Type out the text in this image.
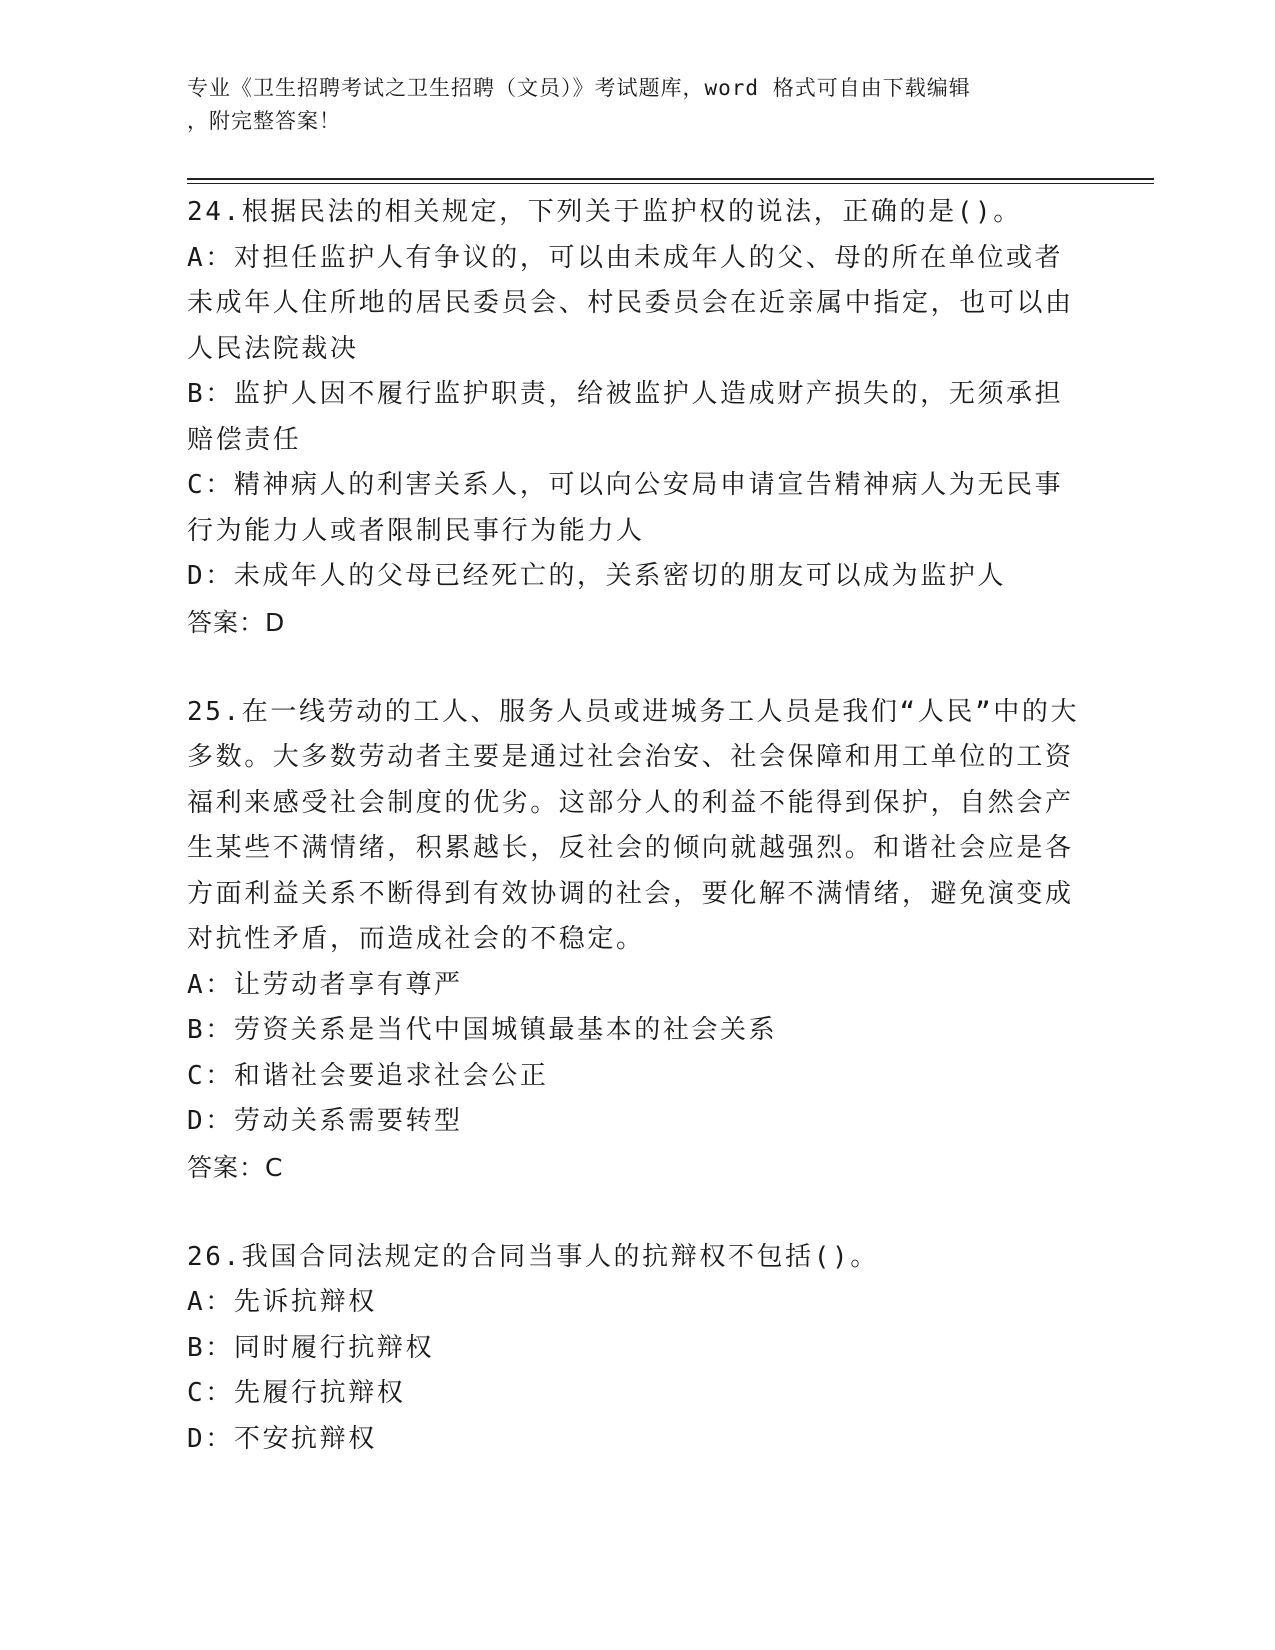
专业《卫生招聘考试之卫生招聘（文员）》考试题库，word 格式可自由下载编辑
，附完整答案！

24.根据民法的相关规定，下列关于监护权的说法，正确的是()。

A：对担任监护人有争议的，可以由未成年人的父、母的所在单位或者未成年人住所地的居民委员会、村民委员会在近亲属中指定，也可以由人民法院裁决

B：监护人因不履行监护职责，给被监护人造成财产损失的，无须承担赔偿责任

C：精神病人的利害关系人，可以向公安局申请宣告精神病人为无民事行为能力人或者限制民事行为能力人

D：未成年人的父母已经死亡的，关系密切的朋友可以成为监护人

答案：D

25.在一线劳动的工人、服务人员或进城务工人员是我们“人民”中的大多数。大多数劳动者主要是通过社会治安、社会保障和用工单位的工资福利来感受社会制度的优劣。这部分人的利益不能得到保护，自然会产生某些不满情绪，积累越长，反社会的倾向就越强烈。和谐社会应是各方面利益关系不断得到有效协调的社会，要化解不满情绪，避免演变成对抗性矛盾，而造成社会的不稳定。

A：让劳动者享有尊严

B：劳资关系是当代中国城镇最基本的社会关系

C：和谐社会要追求社会公正

D：劳动关系需要转型

答案：C

26.我国合同法规定的合同当事人的抗辩权不包括()。

A：先诉抗辩权

B：同时履行抗辩权

C：先履行抗辩权

D：不安抗辩权
